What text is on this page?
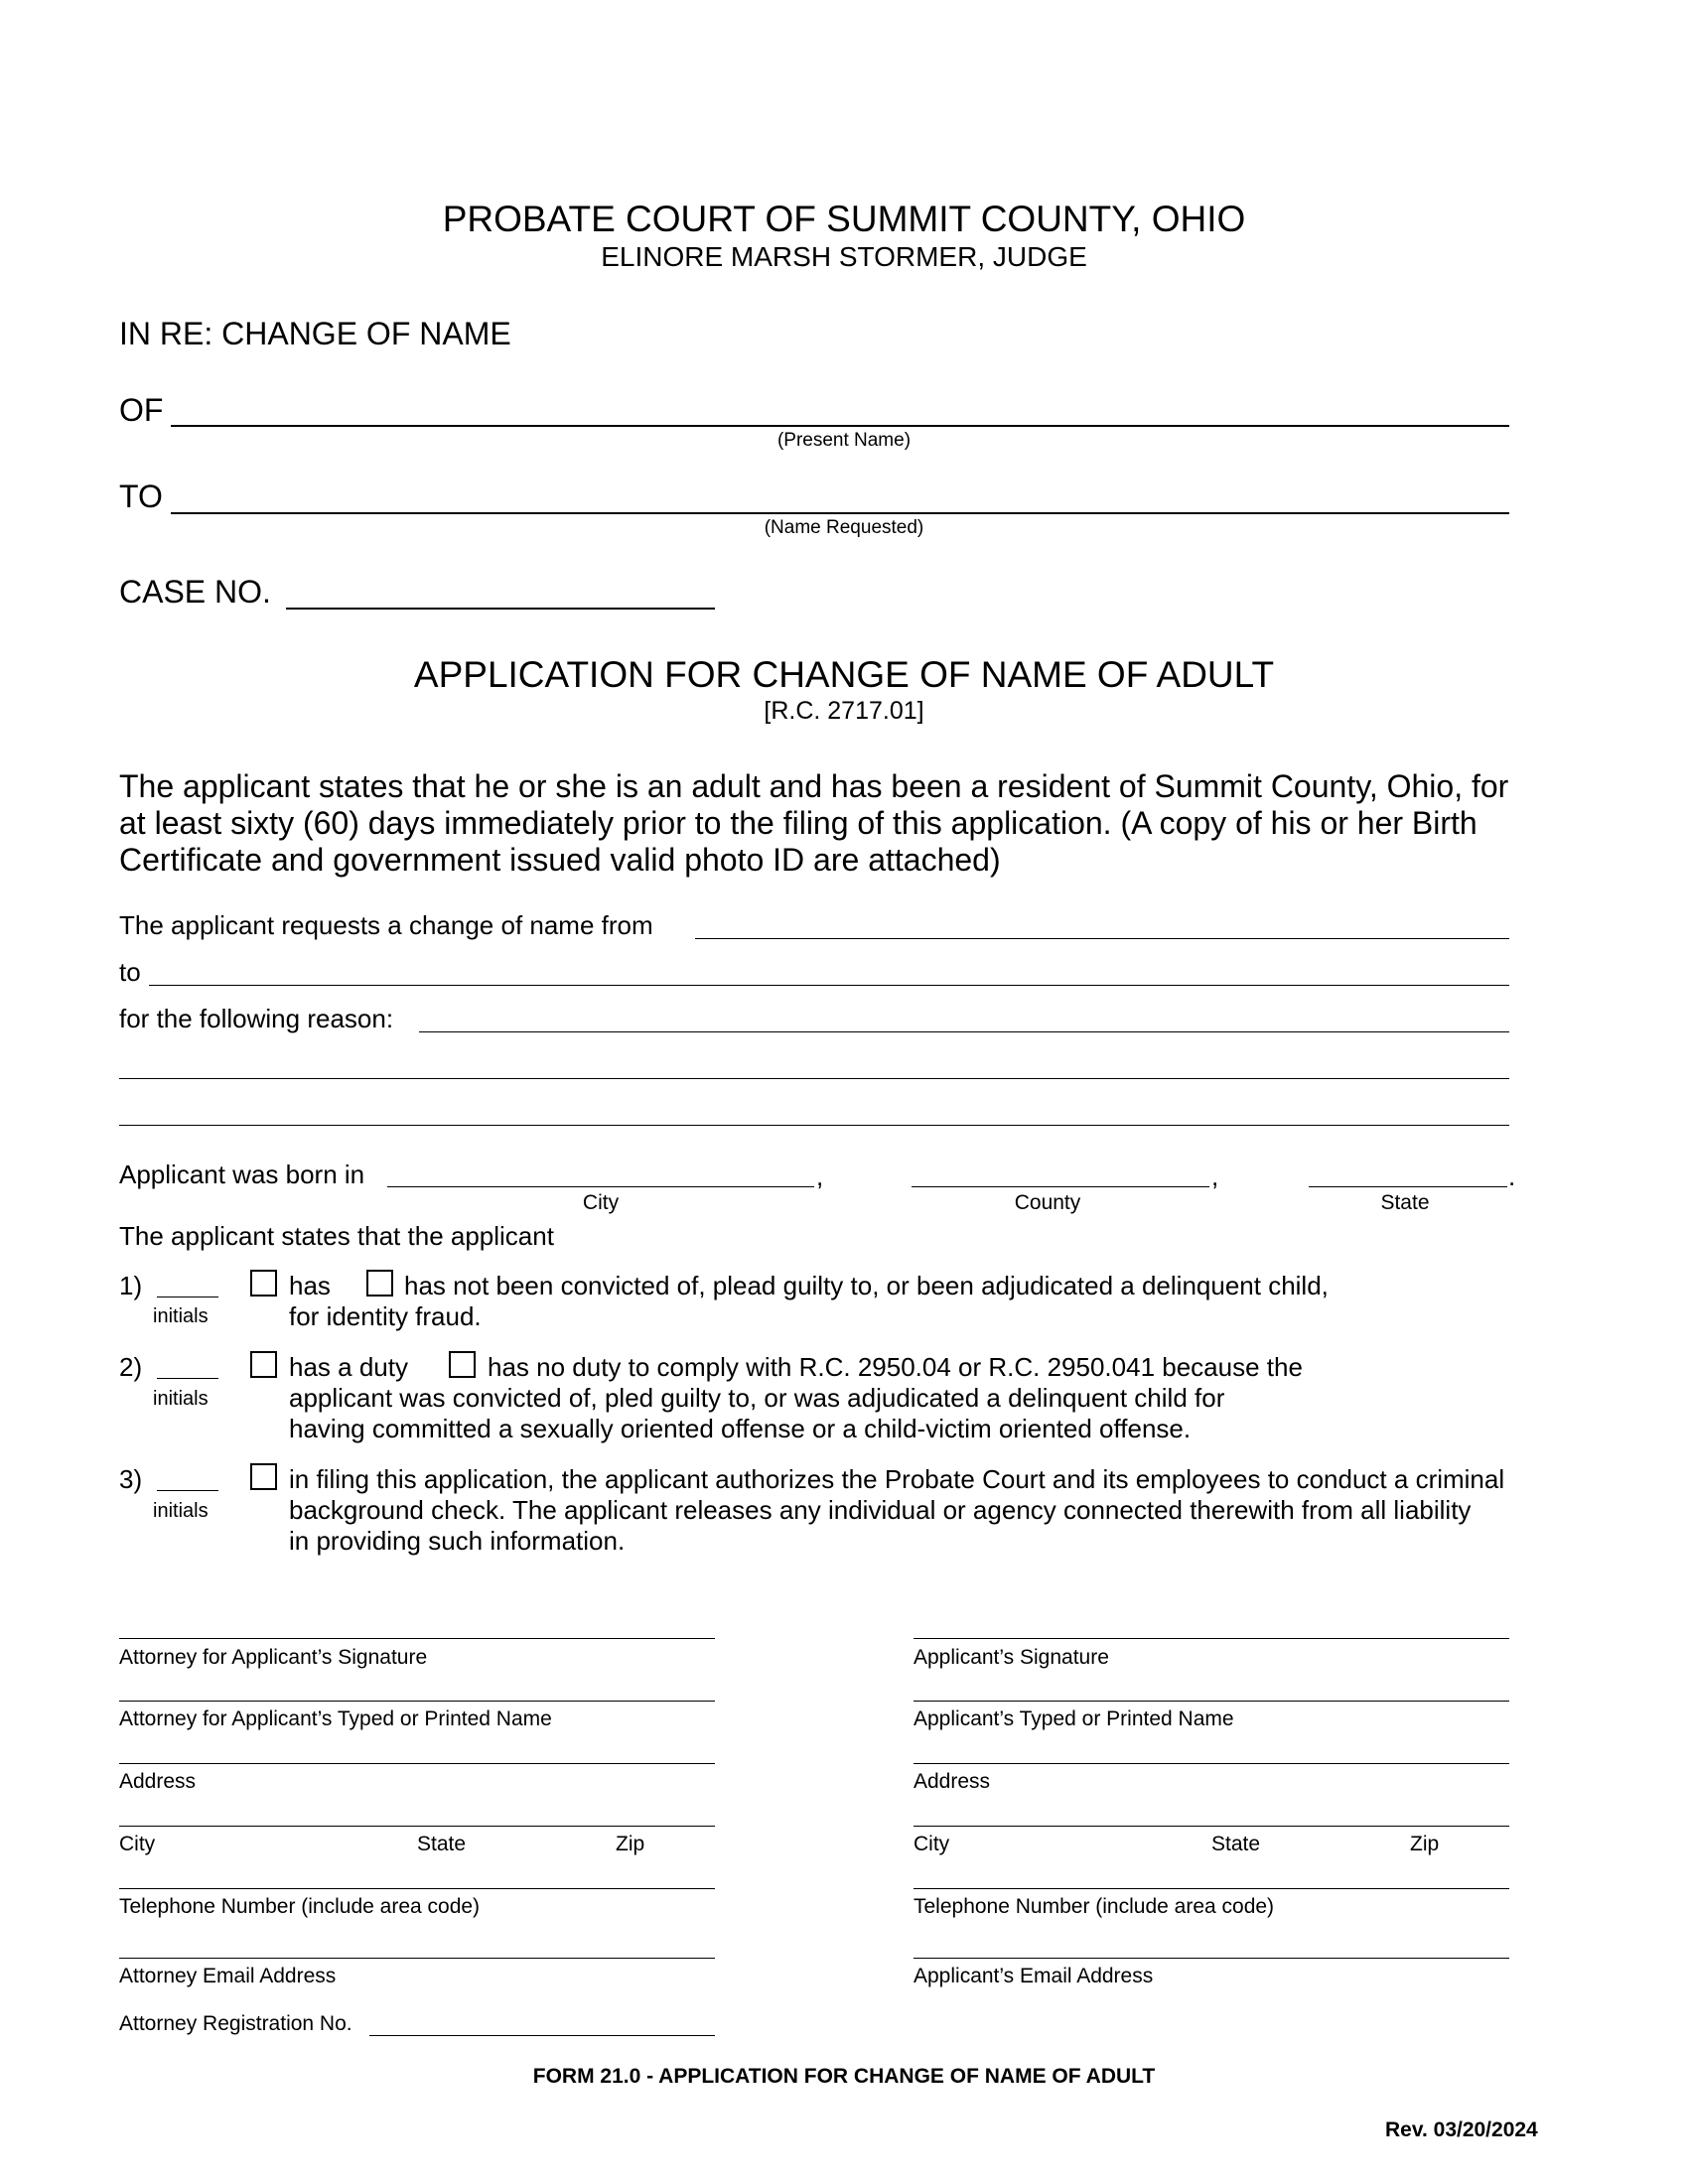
PROBATE COURT OF SUMMIT COUNTY, OHIO
ELINORE MARSH STORMER, JUDGE
IN RE: CHANGE OF NAME
OF
(Present Name)
TO
(Name Requested)
CASE NO.
APPLICATION FOR CHANGE OF NAME OF ADULT
[R.C. 2717.01]
The applicant states that he or she is an adult and has been a resident of Summit County, Ohio, for
at least sixty (60) days immediately prior to the filing of this application. (A copy of his or her Birth
Certificate and government issued valid photo ID are attached)
The applicant requests a change of name from
to
for the following reason:
Applicant was born in	,	,	.
City	County	State
The applicant states that the applicant
1)
initials
has	has not been convicted of, plead guilty to, or been adjudicated a delinquent child,
for identity fraud.
2)
initials
has a duty	has no duty to comply with R.C. 2950.04 or R.C. 2950.041 because the
applicant was convicted of, pled guilty to, or was adjudicated a delinquent child for
having committed a sexually oriented offense or a child-victim oriented offense.
3)
initials
in filing this application, the applicant authorizes the Probate Court and its employees to conduct a criminal
background check. The applicant releases any individual or agency connected therewith from all liability
in providing such information.
Attorney for Applicant’s Signature
Attorney for Applicant’s Typed or Printed Name
Address
City	State	Zip
Telephone Number (include area code)
Attorney Email Address
Attorney Registration No.
Applicant’s Signature
Applicant’s Typed or Printed Name
Address
City	State	Zip
Telephone Number (include area code)
Applicant’s Email Address
FORM 21.0 - APPLICATION FOR CHANGE OF NAME OF ADULT
Rev. 03/20/2024
